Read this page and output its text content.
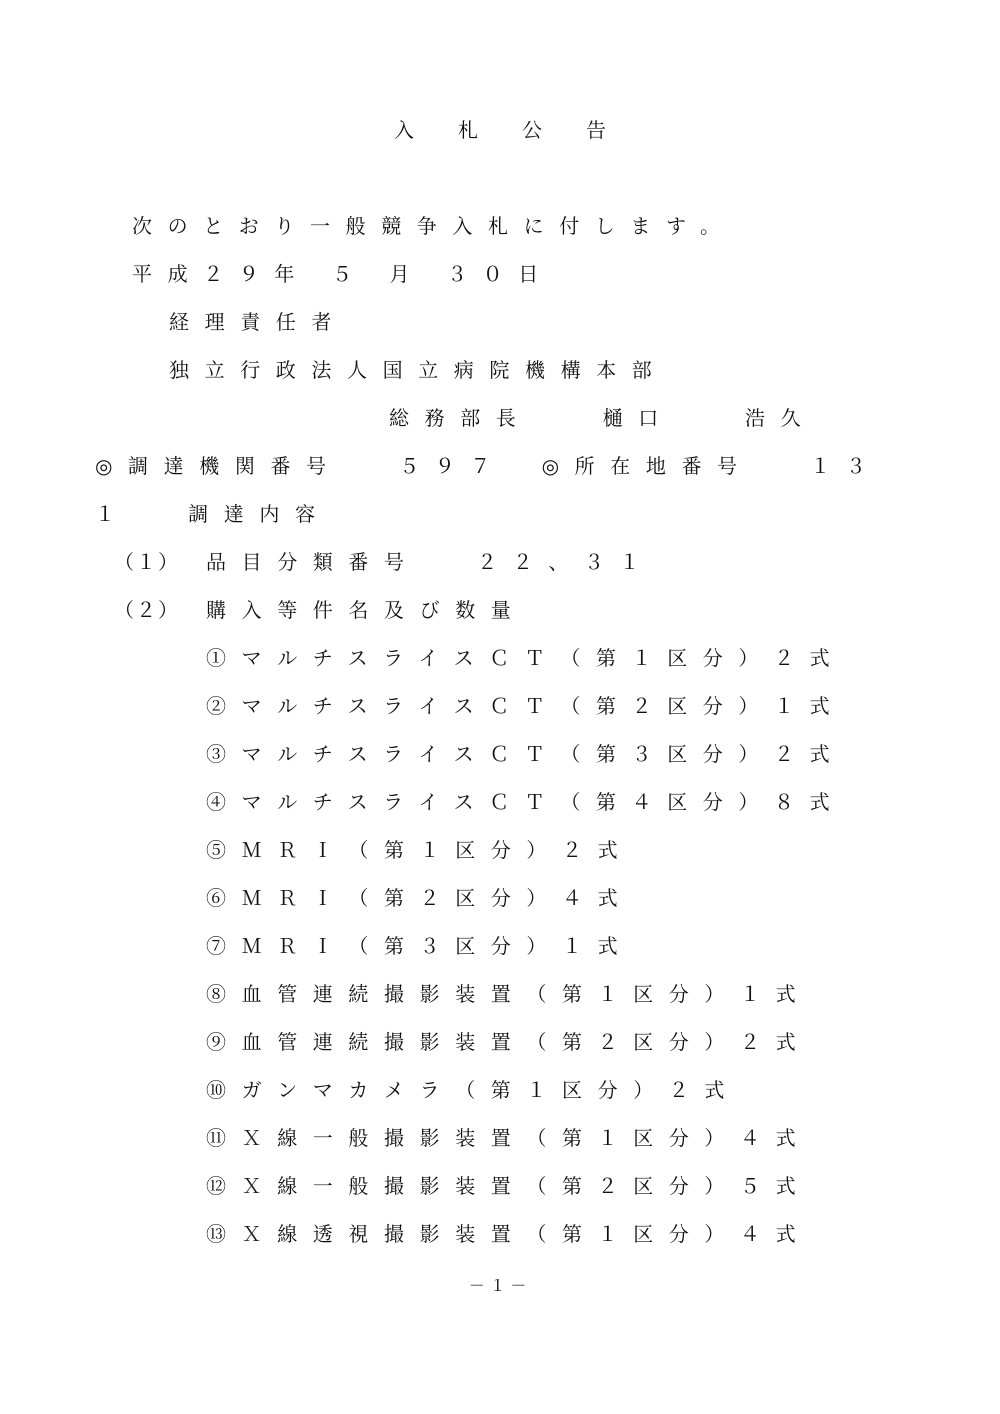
入札公告
次のとおり一般競争入札に付します。
平成２９年 ５ 月 ３０日
経理責任者
独立行政法人国立病院機構本部
総務部長　　樋口　　浩久
◎調達機関番号　 ５９７　◎所在地番号　 １３
１　 調達内容
（１） 品目分類番号　 ２２、３１
（２） 購入等件名及び数量
①マルチスライスＣＴ（第１区分）２式
②マルチスライスＣＴ（第２区分）１式
③マルチスライスＣＴ（第３区分）２式
④マルチスライスＣＴ（第４区分）８式
⑤ＭＲＩ（第１区分）２式
⑥ＭＲＩ（第２区分）４式
⑦ＭＲＩ（第３区分）１式
⑧血管連続撮影装置（第１区分）１式
⑨血管連続撮影装置（第２区分）２式
⑩ガンマカメラ（第１区分）２式
⑪Ｘ線一般撮影装置（第１区分）４式
⑫Ｘ線一般撮影装置（第２区分）５式
⑬Ｘ線透視撮影装置（第１区分）４式
－１－
